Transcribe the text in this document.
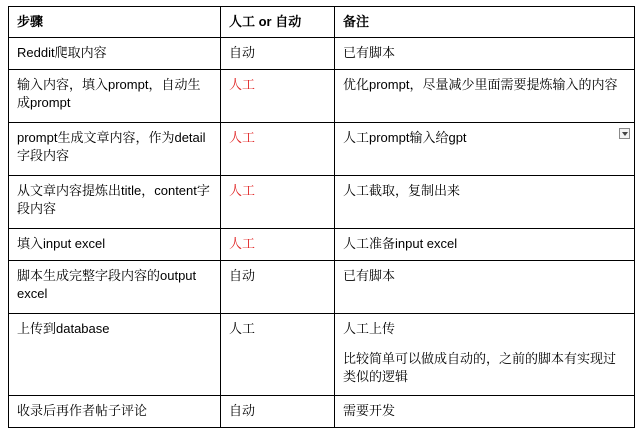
步骤	人工 or 自动	备注
Reddit爬取内容	自动	已有脚本
输入内容，填入prompt，自动生成prompt	人工	优化prompt，尽量减少里面需要提炼输入的内容
prompt生成文章内容，作为detail字段内容	人工	人工prompt输入给gpt

从文章内容提炼出title，content字段内容	人工	人工截取，复制出来
填入input excel	人工	人工准备input excel
脚本生成完整字段内容的output excel	自动	已有脚本
上传到database	人工	人工上传
比较简单可以做成自动的，之前的脚本有实现过类似的逻辑

收录后再作者帖子评论	自动	需要开发
